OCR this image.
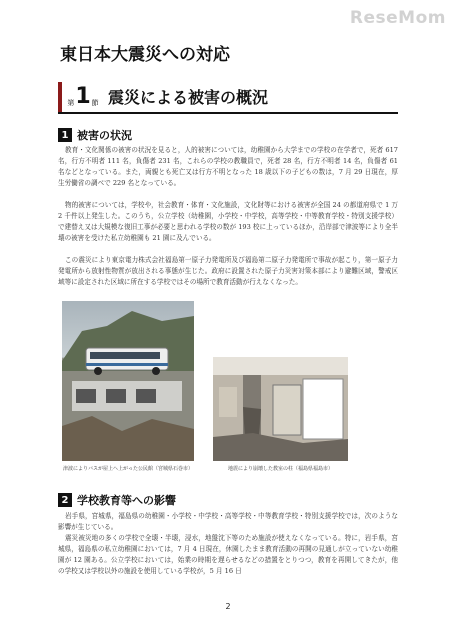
ReseMom
東日本大震災への対応
第 1 節 震災による被害の概況
1 被害の状況

教育・文化関係の被害の状況を見ると，人的被害については，幼稚園から大学までの学校の在学者で，死者 617 名，行方不明者 111 名，負傷者 231 名，これらの学校の教職員で，死者 28 名，行方不明者 14 名，負傷者 61 名などとなっている。また，両親とも死亡又は行方不明となった 18 歳以下の子どもの数は，7 月 29 日現在，厚生労働省の調べで 229 名となっている。

物的被害については，学校や，社会教育・体育・文化施設，文化財等における被害が全国 24 の都道府県で 1 万 2 千件以上発生した。このうち，公立学校（幼稚園，小学校・中学校，高等学校・中等教育学校・特別支援学校）で建替え又は大規模な復旧工事が必要と思われる学校の数が 193 校に上っているほか，沿岸部で津波等により全半壊の被害を受けた私立幼稚園も 21 園に及んでいる。

この震災により東京電力株式会社福島第一原子力発電所及び福島第二原子力発電所で事故が起こり，第一原子力発電所から放射性物質が放出される事態が生じた。政府に設置された原子力災害対策本部により避難区域，警戒区域等に設定された区域に所在する学校ではその場所で教育活動が行えなくなった。

津波によりバスが屋上へ上がった公民館（宮城県石巻市）	地震により崩壊した教室の柱（福島県福島市）
2 学校教育等への影響

岩手県，宮城県，福島県の幼稚園・小学校・中学校・高等学校・中等教育学校・特別支援学校では，次のような影響が生じている。

震災被災地の多くの学校で全壊・半壊，浸水，地盤沈下等のため施設が使えなくなっている。特に，岩手県，宮城県，福島県の私立幼稚園においては，7 月 4 日現在，休園したまま教育活動の再開の見通しが立っていない幼稚園が 12 園ある。公立学校においては，始業の時期を遅らせるなどの措置をとりつつ，教育を再開してきたが，他の学校又は学校以外の施設を使用している学校が，5 月 16 日

2
